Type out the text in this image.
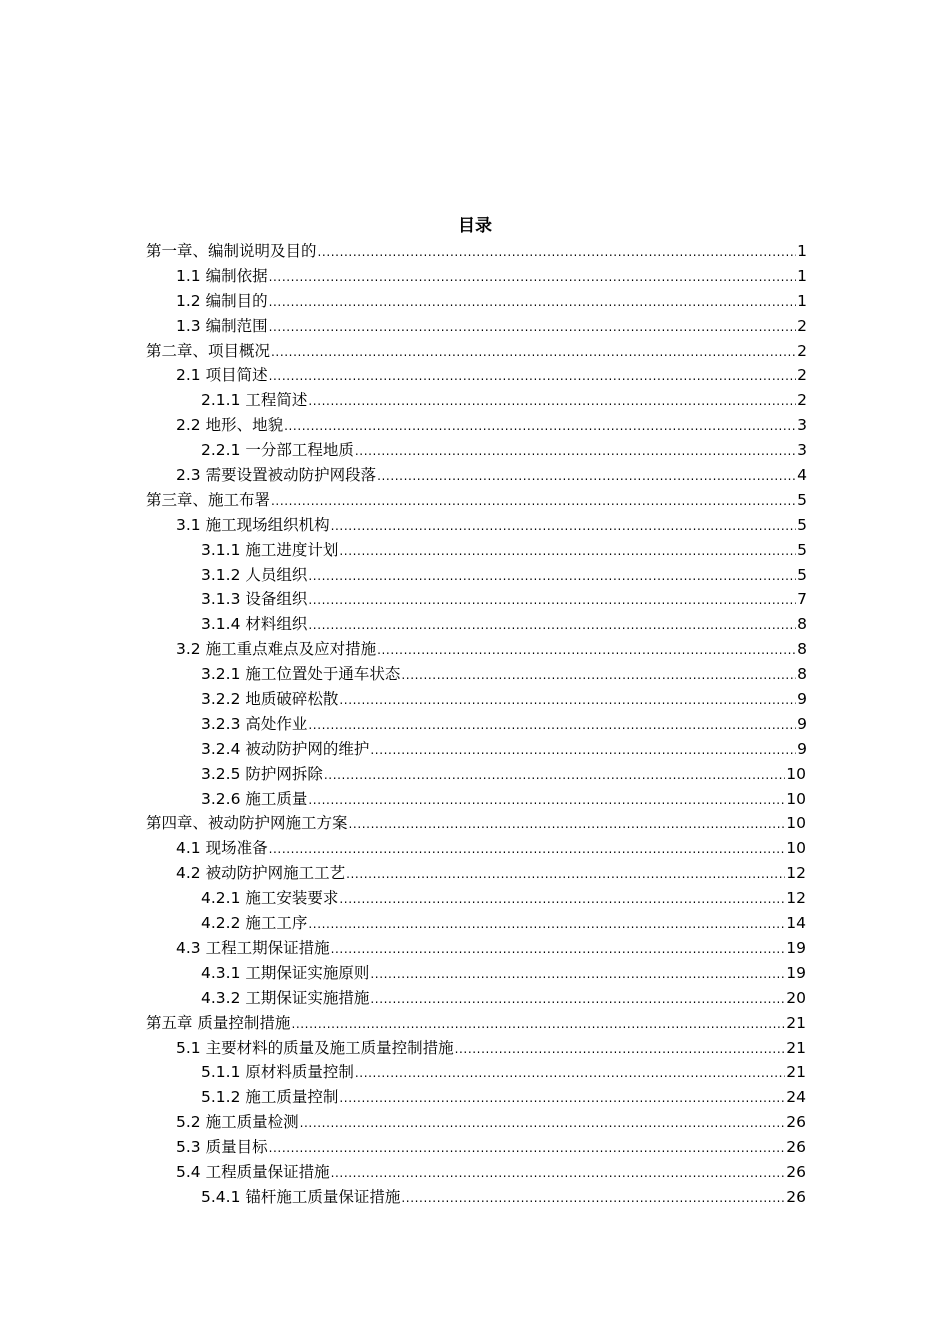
目录
第一章、编制说明及目的 .....	1
1.1 编制依据 .....	1
1.2 编制目的 .....	1
1.3 编制范围 .....	2
第二章、项目概况 .....	2
2.1 项目简述 .....	2
2.1.1 工程简述 .....	2
2.2 地形、地貌 .....	3
2.2.1 一分部工程地质 .....	3
2.3 需要设置被动防护网段落 .....	4
第三章、施工布署 .....	5
3.1 施工现场组织机构 .....	5
3.1.1 施工进度计划 .....	5
3.1.2 人员组织 .....	5
3.1.3 设备组织 .....	7
3.1.4 材料组织 .....	8
3.2 施工重点难点及应对措施 .....	8
3.2.1 施工位置处于通车状态 .....	8
3.2.2 地质破碎松散 .....	9
3.2.3 高处作业 .....	9
3.2.4 被动防护网的维护 .....	9
3.2.5 防护网拆除 .....	10
3.2.6 施工质量 .....	10
第四章、被动防护网施工方案 .....	10
4.1 现场准备 .....	10
4.2 被动防护网施工工艺 .....	12
4.2.1 施工安装要求 .....	12
4.2.2 施工工序 .....	14
4.3 工程工期保证措施 .....	19
4.3.1 工期保证实施原则 .....	19
4.3.2 工期保证实施措施 .....	20
第五章 质量控制措施 .....	21
5.1 主要材料的质量及施工质量控制措施 .....	21
5.1.1 原材料质量控制 .....	21
5.1.2 施工质量控制 .....	24
5.2 施工质量检测 .....	26
5.3 质量目标 .....	26
5.4 工程质量保证措施 .....	26
5.4.1 锚杆施工质量保证措施 .....	26
